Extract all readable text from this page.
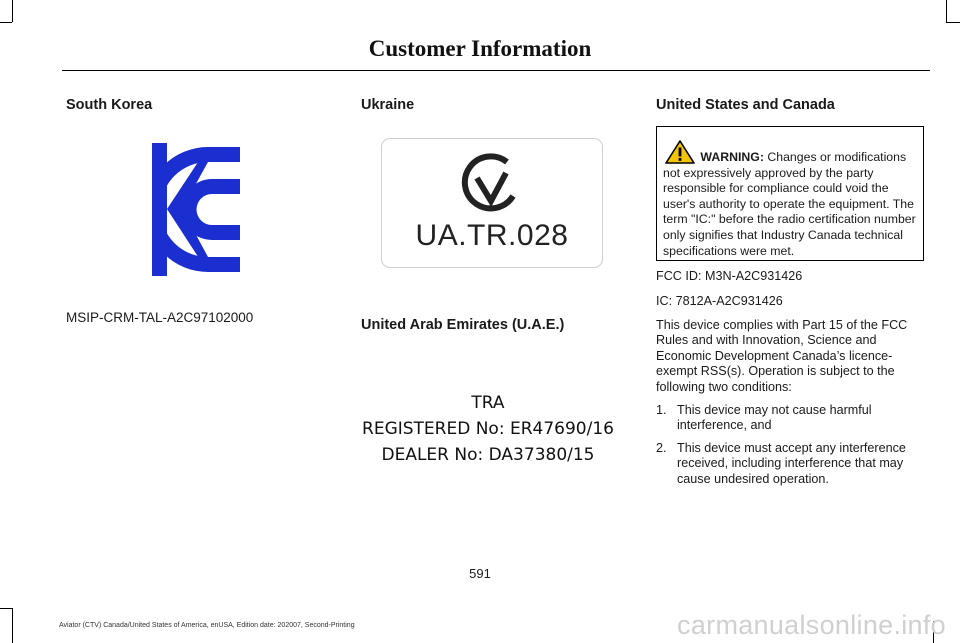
Customer Information
South Korea
MSIP-CRM-TAL-A2C97102000
Ukraine
UA.TR.028
United Arab Emirates (U.A.E.)
TRA
REGISTERED No: ER47690/16
DEALER No: DA37380/15
United States and Canada
WARNING: Changes or modifications not expressively approved by the party responsible for compliance could void the user's authority to operate the equipment. The term "IC:" before the radio certification number only signifies that Industry Canada technical specifications were met.
FCC ID: M3N-A2C931426
IC: 7812A-A2C931426
This device complies with Part 15 of the FCC Rules and with Innovation, Science and Economic Development Canada’s licence-exempt RSS(s). Operation is subject to the following two conditions:
1. This device may not cause harmful interference, and
2. This device must accept any interference received, including interference that may cause undesired operation.
591
Aviator (CTV) Canada/United States of America, enUSA, Edition date: 202007, Second-Printing	carmanualsonline.info
